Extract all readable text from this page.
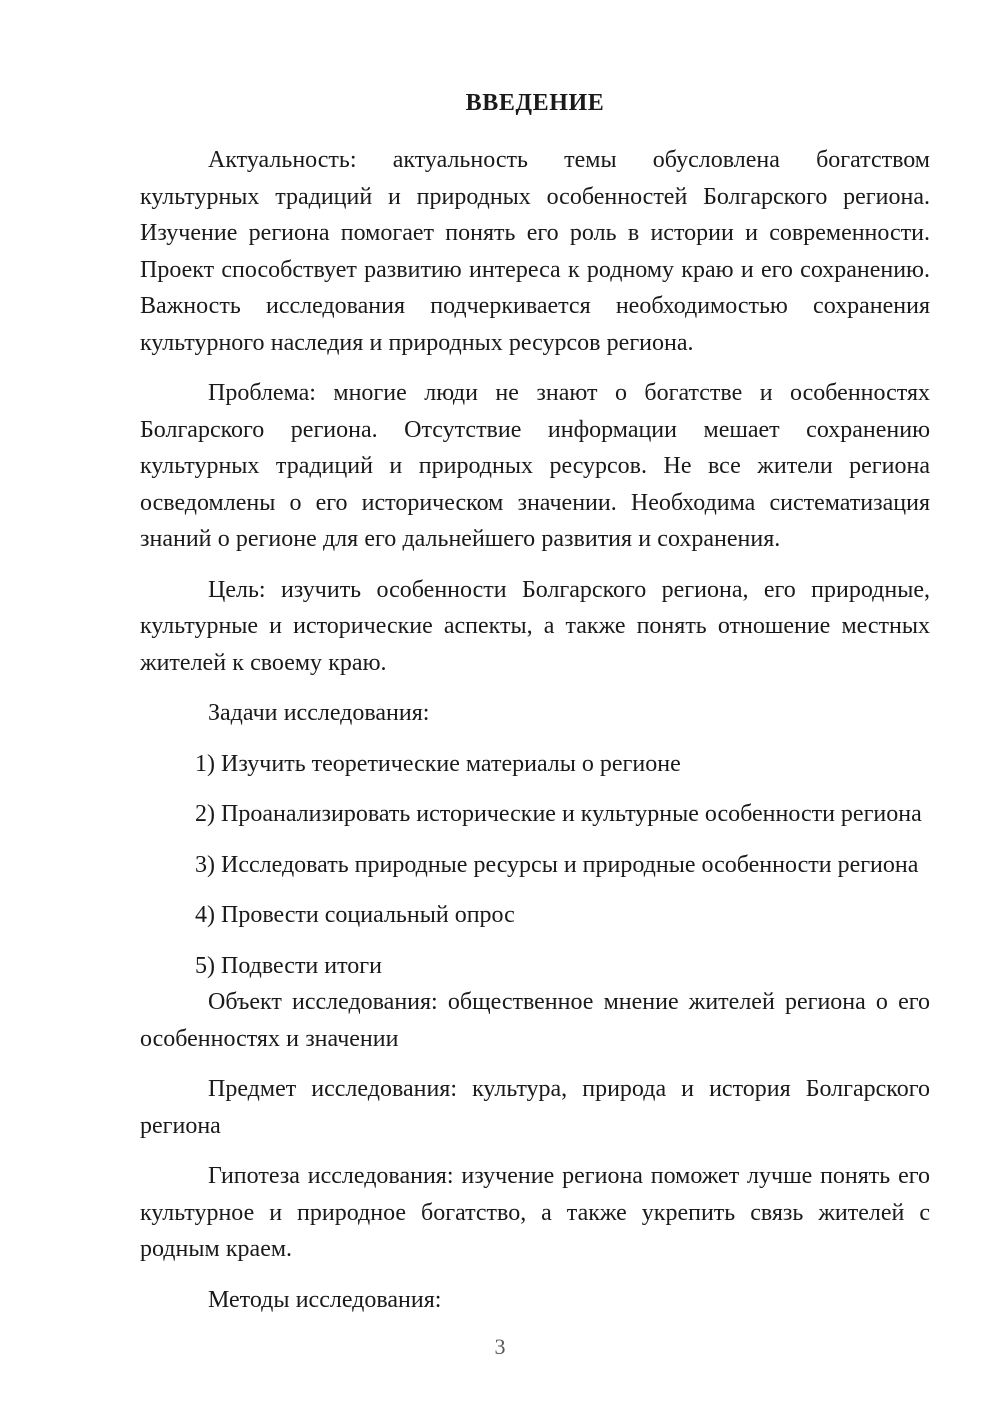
ВВЕДЕНИЕ

Актуальность: актуальность темы обусловлена богатством культурных традиций и природных особенностей Болгарского региона. Изучение региона помогает понять его роль в истории и современности. Проект способствует развитию интереса к родному краю и его сохранению. Важность исследования подчеркивается необходимостью сохранения культурного наследия и природных ресурсов региона.

Проблема: многие люди не знают о богатстве и особенностях Болгарского региона. Отсутствие информации мешает сохранению культурных традиций и природных ресурсов. Не все жители региона осведомлены о его историческом значении. Необходима систематизация знаний о регионе для его дальнейшего развития и сохранения.

Цель: изучить особенности Болгарского региона, его природные, культурные и исторические аспекты, а также понять отношение местных жителей к своему краю.

Задачи исследования:

1) Изучить теоретические материалы о регионе
2) Проанализировать исторические и культурные особенности региона
3) Исследовать природные ресурсы и природные особенности региона
4) Провести социальный опрос
5) Подвести итоги

Объект исследования: общественное мнение жителей региона о его особенностях и значении

Предмет исследования: культура, природа и история Болгарского региона

Гипотеза исследования: изучение региона поможет лучше понять его культурное и природное богатство, а также укрепить связь жителей с родным краем.

Методы исследования:

3
